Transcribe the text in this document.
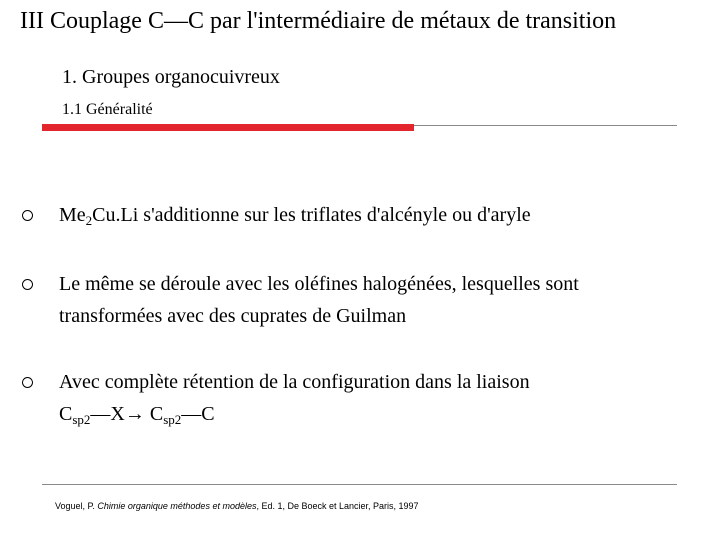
III Couplage C—C par l'intermédiaire de métaux de transition
1. Groupes organocuivreux
1.1 Généralité
$Me_2Cu.Li$ s'additionne sur les triflates d'alcényle ou d'aryle
Le même se déroule avec les oléfines halogénées, lesquelles sont
transformées avec des cuprates de Guilman
Avec complète rétention de la configuration dans la liaison
$C_{sp2}—X\to$ $C_{sp2}—C$
Voguel, P. Chimie organique méthodes et modèles, Ed. 1, De Boeck et Lancier, Paris, 1997
